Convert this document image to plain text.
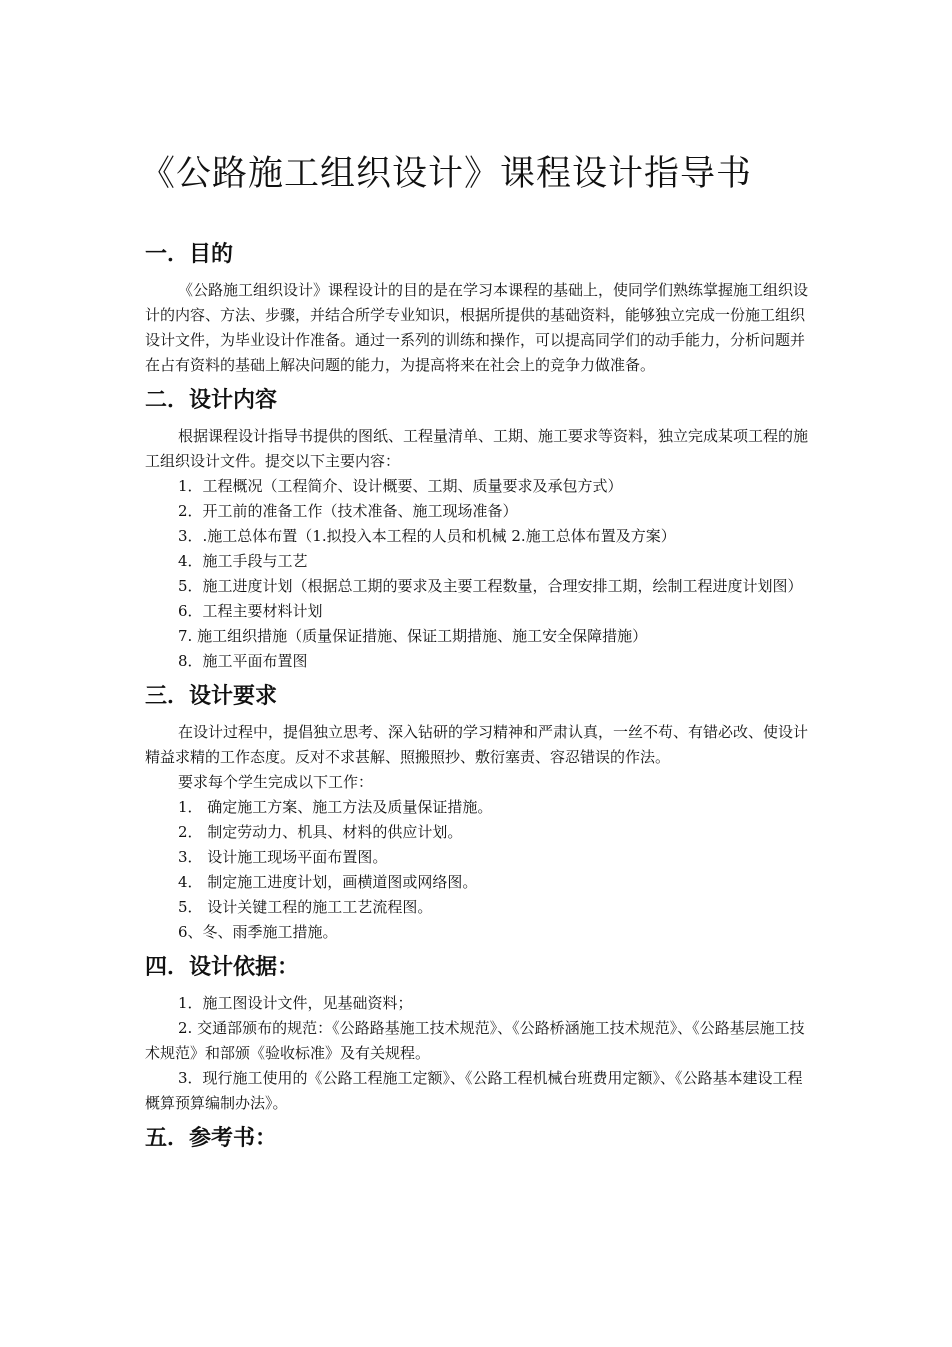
《公路施工组织设计》课程设计指导书
一．目的

《公路施工组织设计》课程设计的目的是在学习本课程的基础上，使同学们熟练掌握施工组织设计的内容、方法、步骤，并结合所学专业知识，根据所提供的基础资料，能够独立完成一份施工组织设计文件，为毕业设计作准备。通过一系列的训练和操作，可以提高同学们的动手能力，分析问题并在占有资料的基础上解决问题的能力，为提高将来在社会上的竞争力做准备。

二．设计内容

根据课程设计指导书提供的图纸、工程量清单、工期、施工要求等资料，独立完成某项工程的施工组织设计文件。提交以下主要内容：

1．工程概况（工程简介、设计概要、工期、质量要求及承包方式）

2．开工前的准备工作（技术准备、施工现场准备）

3．.施工总体布置（1.拟投入本工程的人员和机械 2.施工总体布置及方案）

4．施工手段与工艺

5．施工进度计划（根据总工期的要求及主要工程数量，合理安排工期，绘制工程进度计划图）

6．工程主要材料计划

7. 施工组织措施（质量保证措施、保证工期措施、施工安全保障措施）

8．施工平面布置图

三．设计要求

在设计过程中，提倡独立思考、深入钻研的学习精神和严肃认真，一丝不苟、有错必改、使设计精益求精的工作态度。反对不求甚解、照搬照抄、敷衍塞责、容忍错误的作法。

要求每个学生完成以下工作：

1． 确定施工方案、施工方法及质量保证措施。

2． 制定劳动力、机具、材料的供应计划。

3． 设计施工现场平面布置图。

4． 制定施工进度计划，画横道图或网络图。

5． 设计关键工程的施工工艺流程图。

6、冬、雨季施工措施。

四．设计依据：

1．施工图设计文件，见基础资料；

2. 交通部颁布的规范：《公路路基施工技术规范》、《公路桥涵施工技术规范》、《公路基层施工技术规范》和部颁《验收标准》及有关规程。

3．现行施工使用的《公路工程施工定额》、《公路工程机械台班费用定额》、《公路基本建设工程概算预算编制办法》。

五．参考书：
